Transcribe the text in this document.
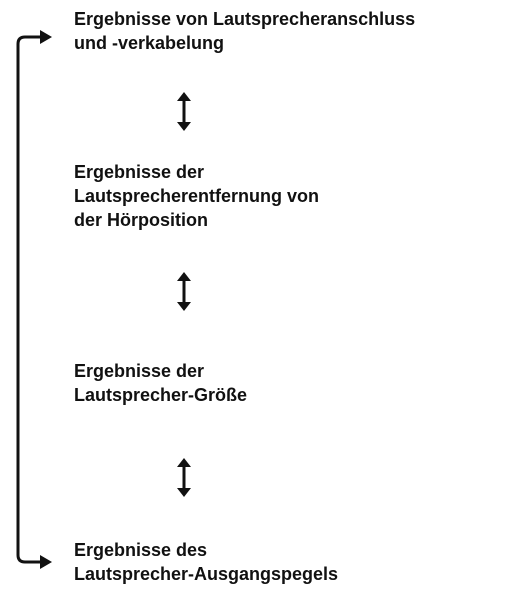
Ergebnisse von Lautsprecheranschluss
und -verkabelung

Ergebnisse der
Lautsprecherentfernung von
der Hörposition

Ergebnisse der
Lautsprecher-Größe

Ergebnisse des
Lautsprecher-Ausgangspegels
